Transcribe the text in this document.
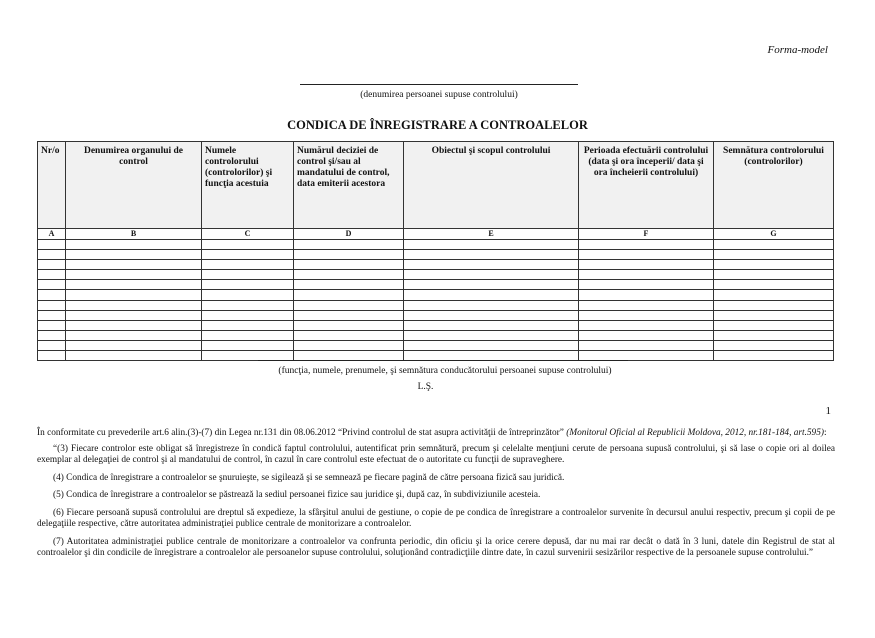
Forma-model
(denumirea persoanei supuse controlului)
CONDICA DE ÎNREGISTRARE A CONTROALELOR
Nr/o	Denumirea organului de control	Numele controlorului (controlorilor) şi funcţia acestuia	Numărul deciziei de control şi/sau al mandatului de control, data emiterii acestora	Obiectul şi scopul controlului	Perioada efectuării controlului (data şi ora începerii/ data şi ora încheierii controlului)	Semnătura controlorului (controlorilor)
A	B	C	D	E	F	G

(funcţia, numele, prenumele, şi semnătura conducătorului persoanei supuse controlului)
L.Ş.
1

În conformitate cu prevederile art.6 alin.(3)-(7) din Legea nr.131 din 08.06.2012 “Privind controlul de stat asupra activităţii de întreprinzător” (Monitorul Oficial al Republicii Moldova, 2012, nr.181-184, art.595):

“(3) Fiecare controlor este obligat să înregistreze în condică faptul controlului, autentificat prin semnătură, precum şi celelalte menţiuni cerute de persoana supusă controlului, şi să lase o copie ori al doilea exemplar al delegaţiei de control şi al mandatului de control, în cazul în care controlul este efectuat de o autoritate cu funcţii de supraveghere.

(4) Condica de înregistrare a controalelor se şnuruieşte, se sigilează şi se semnează pe fiecare pagină de către persoana fizică sau juridică.

(5) Condica de înregistrare a controalelor se păstrează la sediul persoanei fizice sau juridice şi, după caz, în subdiviziunile acesteia.

(6) Fiecare persoană supusă controlului are dreptul să expedieze, la sfârşitul anului de gestiune, o copie de pe condica de înregistrare a controalelor survenite în decursul anului respectiv, precum şi copii de pe delegaţiile respective, către autoritatea administraţiei publice centrale de monitorizare a controalelor.

(7) Autoritatea administraţiei publice centrale de monitorizare a controalelor va confrunta periodic, din oficiu şi la orice cerere depusă, dar nu mai rar decât o dată în 3 luni, datele din Registrul de stat al controalelor şi din condicile de înregistrare a controalelor ale persoanelor supuse controlului, soluţionând contradicţiile dintre date, în cazul survenirii sesizărilor respective de la persoanele supuse controlului.”
